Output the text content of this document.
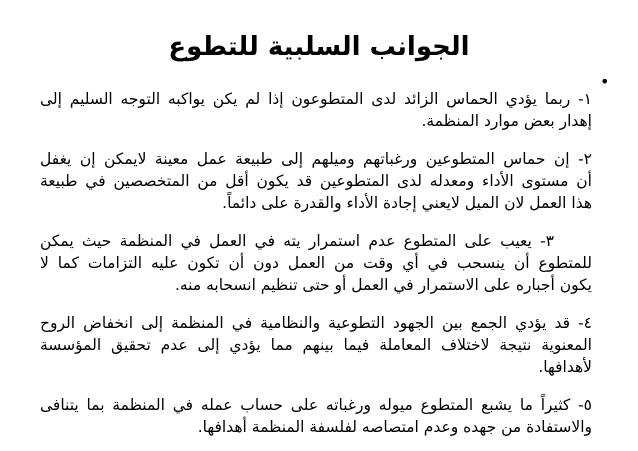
الجوانب السلبية للتطوع
•
١- ربما يؤدي الحماس الزائد لدى المتطوعون إذا لم يكن يواكبه التوجه السليم إلى
إهدار بعض موارد المنظمة.
٢- إن حماس المتطوعين ورغباتهم وميلهم إلى طبيعة عمل معينة لايمكن إن يغفل
أن مستوى الأداء ومعدله لدى المتطوعين قد يكون أقل من المتخصصين في طبيعة
هذا العمل لان الميل لايعني إجادة الأداء والقدرة على دائماً.
٣- يعيب على المتطوع عدم استمرار يته في العمل في المنظمة حيث يمكن
للمتطوع أن ينسحب في أي وقت من العمل دون أن تكون عليه التزامات كما لا
يكون أجباره على الاستمرار في العمل أو حتى تنظيم انسحابه منه.
٤- قد يؤدي الجمع بين الجهود التطوعية والنظامية في المنظمة إلى انخفاض الروح
المعنوية نتيجة لاختلاف المعاملة فيما بينهم مما يؤدي إلى عدم تحقيق المؤسسة
لأهدافها.
٥- كثيراً ما يشبع المتطوع ميوله ورغباته على حساب عمله في المنظمة بما يتنافى
والاستفادة من جهده وعدم امتصاصه لفلسفة المنظمة أهدافها.
